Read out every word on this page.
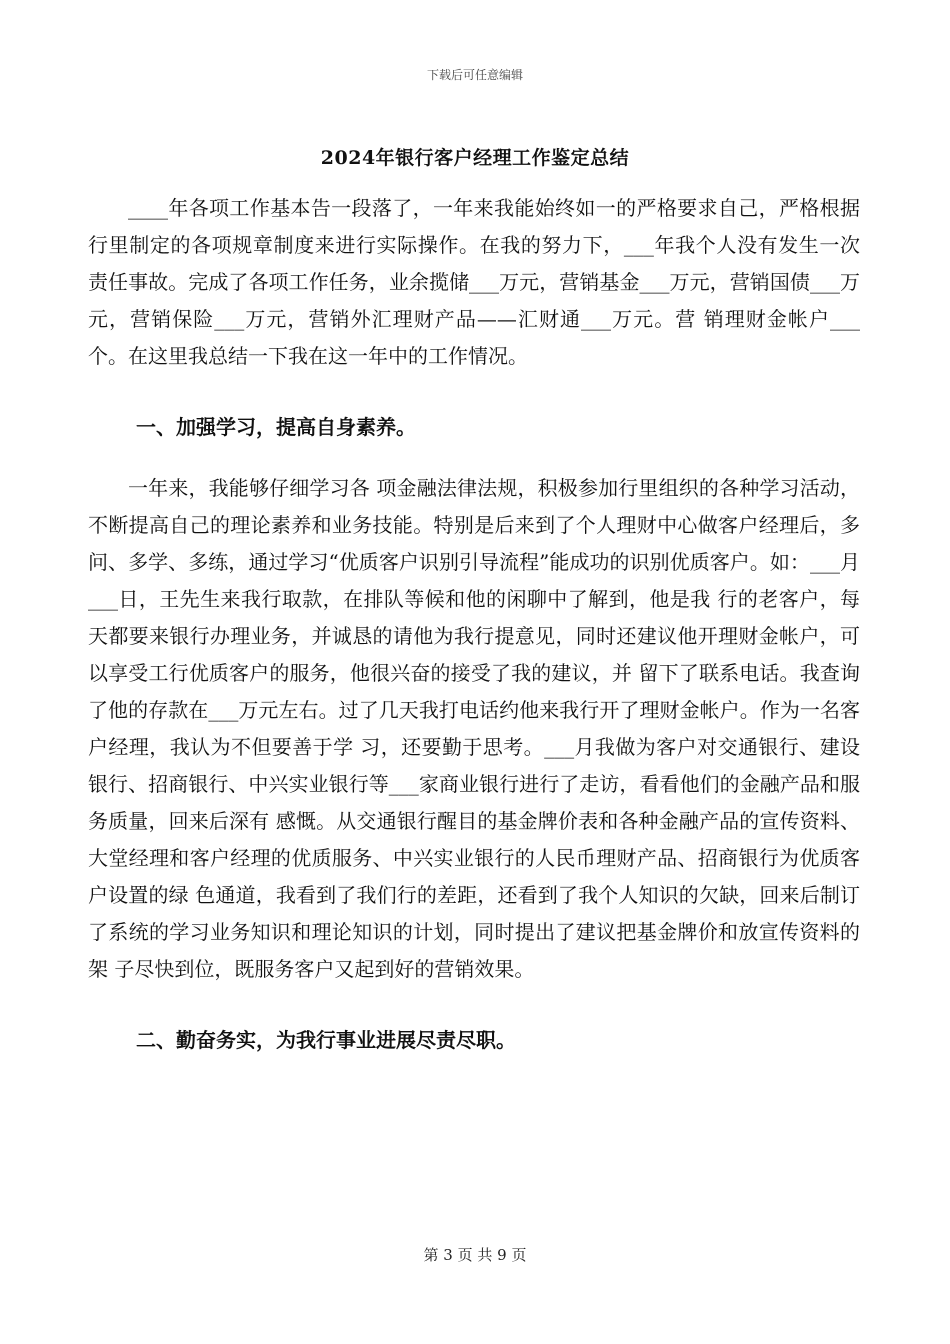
下载后可任意编辑
2024年银行客户经理工作鉴定总结

____年各项工作基本告一段落了，一年来我能始终如一的严格要求自己，严格根据行里制定的各项规章制度来进行实际操作。在我的努力下，___年我个人没有发生一次 责任事故。完成了各项工作任务，业余揽储___万元，营销基金___万元，营销国债___万元，营销保险___万元，营销外汇理财产品——汇财通___万元。营 销理财金帐户___个。在这里我总结一下我在这一年中的工作情况。

一、加强学习，提高自身素养。

一年来，我能够仔细学习各 项金融法律法规，积极参加行里组织的各种学习活动，不断提高自己的理论素养和业务技能。特别是后来到了个人理财中心做客户经理后，多问、多学、多练，通过学习“优质客户识别引导流程”能成功的识别优质客户。如：___月___日，王先生来我行取款，在排队等候和他的闲聊中了解到，他是我 行的老客户，每天都要来银行办理业务，并诚恳的请他为我行提意见，同时还建议他开理财金帐户，可以享受工行优质客户的服务，他很兴奋的接受了我的建议，并 留下了联系电话。我查询了他的存款在___万元左右。过了几天我打电话约他来我行开了理财金帐户。作为一名客户经理，我认为不但要善于学 习，还要勤于思考。___月我做为客户对交通银行、建设银行、招商银行、中兴实业银行等___家商业银行进行了走访，看看他们的金融产品和服务质量，回来后深有 感慨。从交通银行醒目的基金牌价表和各种金融产品的宣传资料、大堂经理和客户经理的优质服务、中兴实业银行的人民币理财产品、招商银行为优质客户设置的绿 色通道，我看到了我们行的差距，还看到了我个人知识的欠缺，回来后制订了系统的学习业务知识和理论知识的计划，同时提出了建议把基金牌价和放宣传资料的架 子尽快到位，既服务客户又起到好的营销效果。

二、勤奋务实，为我行事业进展尽责尽职。

第 3 页 共 9 页
